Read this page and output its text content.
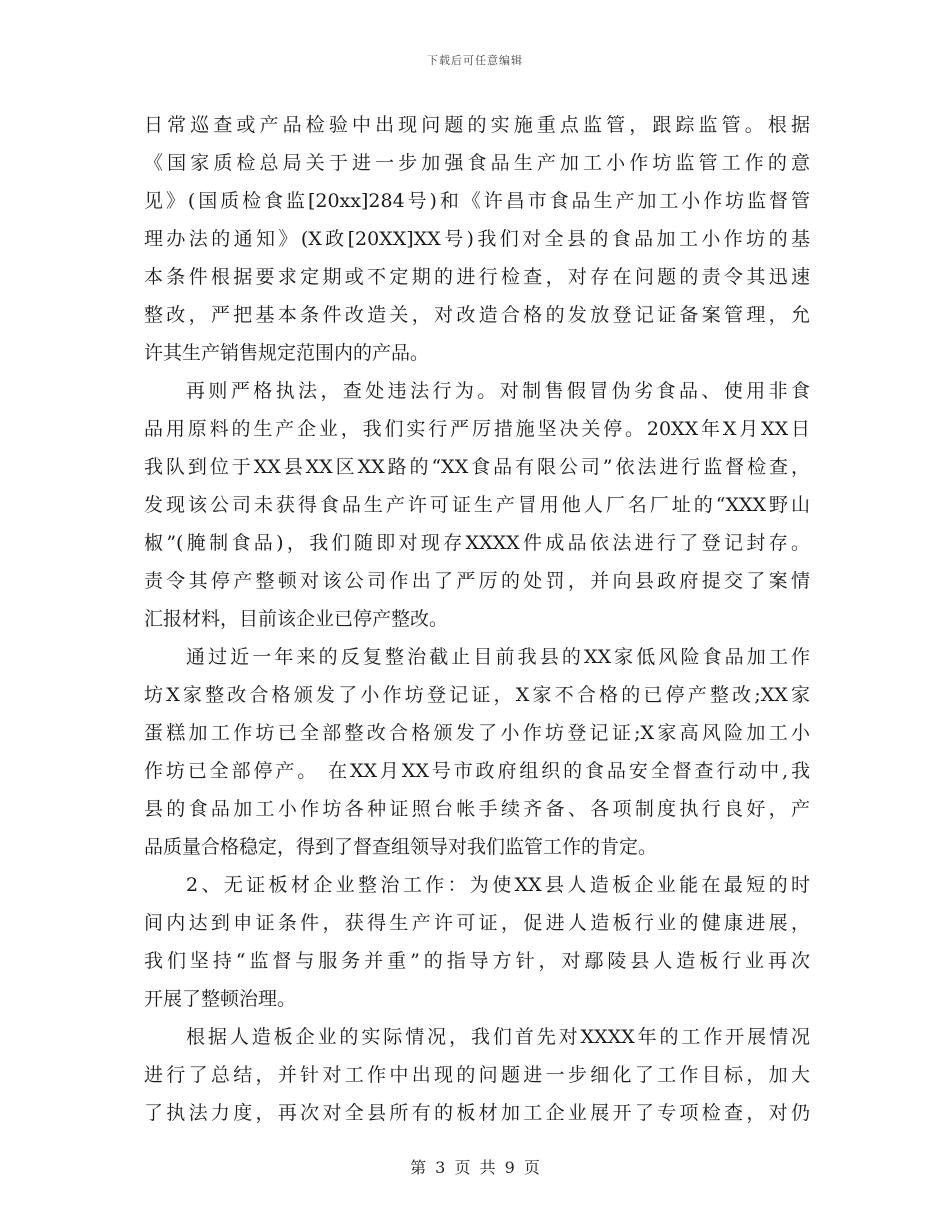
下载后可任意编辑
日常巡查或产品检验中出现问题的实施重点监管，跟踪监管。根据
《国家质检总局关于进一步加强食品生产加工小作坊监管工作的意
见》(国质检食监[20xx]284号)和《许昌市食品生产加工小作坊监督管
理办法的通知》(X政[20XX]XX号)我们对全县的食品加工小作坊的基
本条件根据要求定期或不定期的进行检查，对存在问题的责令其迅速
整改，严把基本条件改造关，对改造合格的发放登记证备案管理，允
许其生产销售规定范围内的产品。
再则严格执法，查处违法行为。对制售假冒伪劣食品、使用非食
品用原料的生产企业，我们实行严厉措施坚决关停。20XX年X月XX日
我队到位于XX县XX区XX路的“XX食品有限公司”依法进行监督检查，
发现该公司未获得食品生产许可证生产冒用他人厂名厂址的“XXX野山
椒”(腌制食品)，我们随即对现存XXXX件成品依法进行了登记封存。
责令其停产整顿对该公司作出了严厉的处罚，并向县政府提交了案情
汇报材料，目前该企业已停产整改。
通过近一年来的反复整治截止目前我县的XX家低风险食品加工作
坊X家整改合格颁发了小作坊登记证，X家不合格的已停产整改;XX家
蛋糕加工作坊已全部整改合格颁发了小作坊登记证;X家高风险加工小
作坊已全部停产。 在XX月XX号市政府组织的食品安全督查行动中,我
县的食品加工小作坊各种证照台帐手续齐备、各项制度执行良好，产
品质量合格稳定，得到了督查组领导对我们监管工作的肯定。
2、无证板材企业整治工作：为使XX县人造板企业能在最短的时
间内达到申证条件，获得生产许可证，促进人造板行业的健康进展，
我们坚持“监督与服务并重”的指导方针，对鄢陵县人造板行业再次
开展了整顿治理。
根据人造板企业的实际情况，我们首先对XXXX年的工作开展情况
进行了总结，并针对工作中出现的问题进一步细化了工作目标，加大
了执法力度，再次对全县所有的板材加工企业展开了专项检查，对仍
第 3 页 共 9 页
